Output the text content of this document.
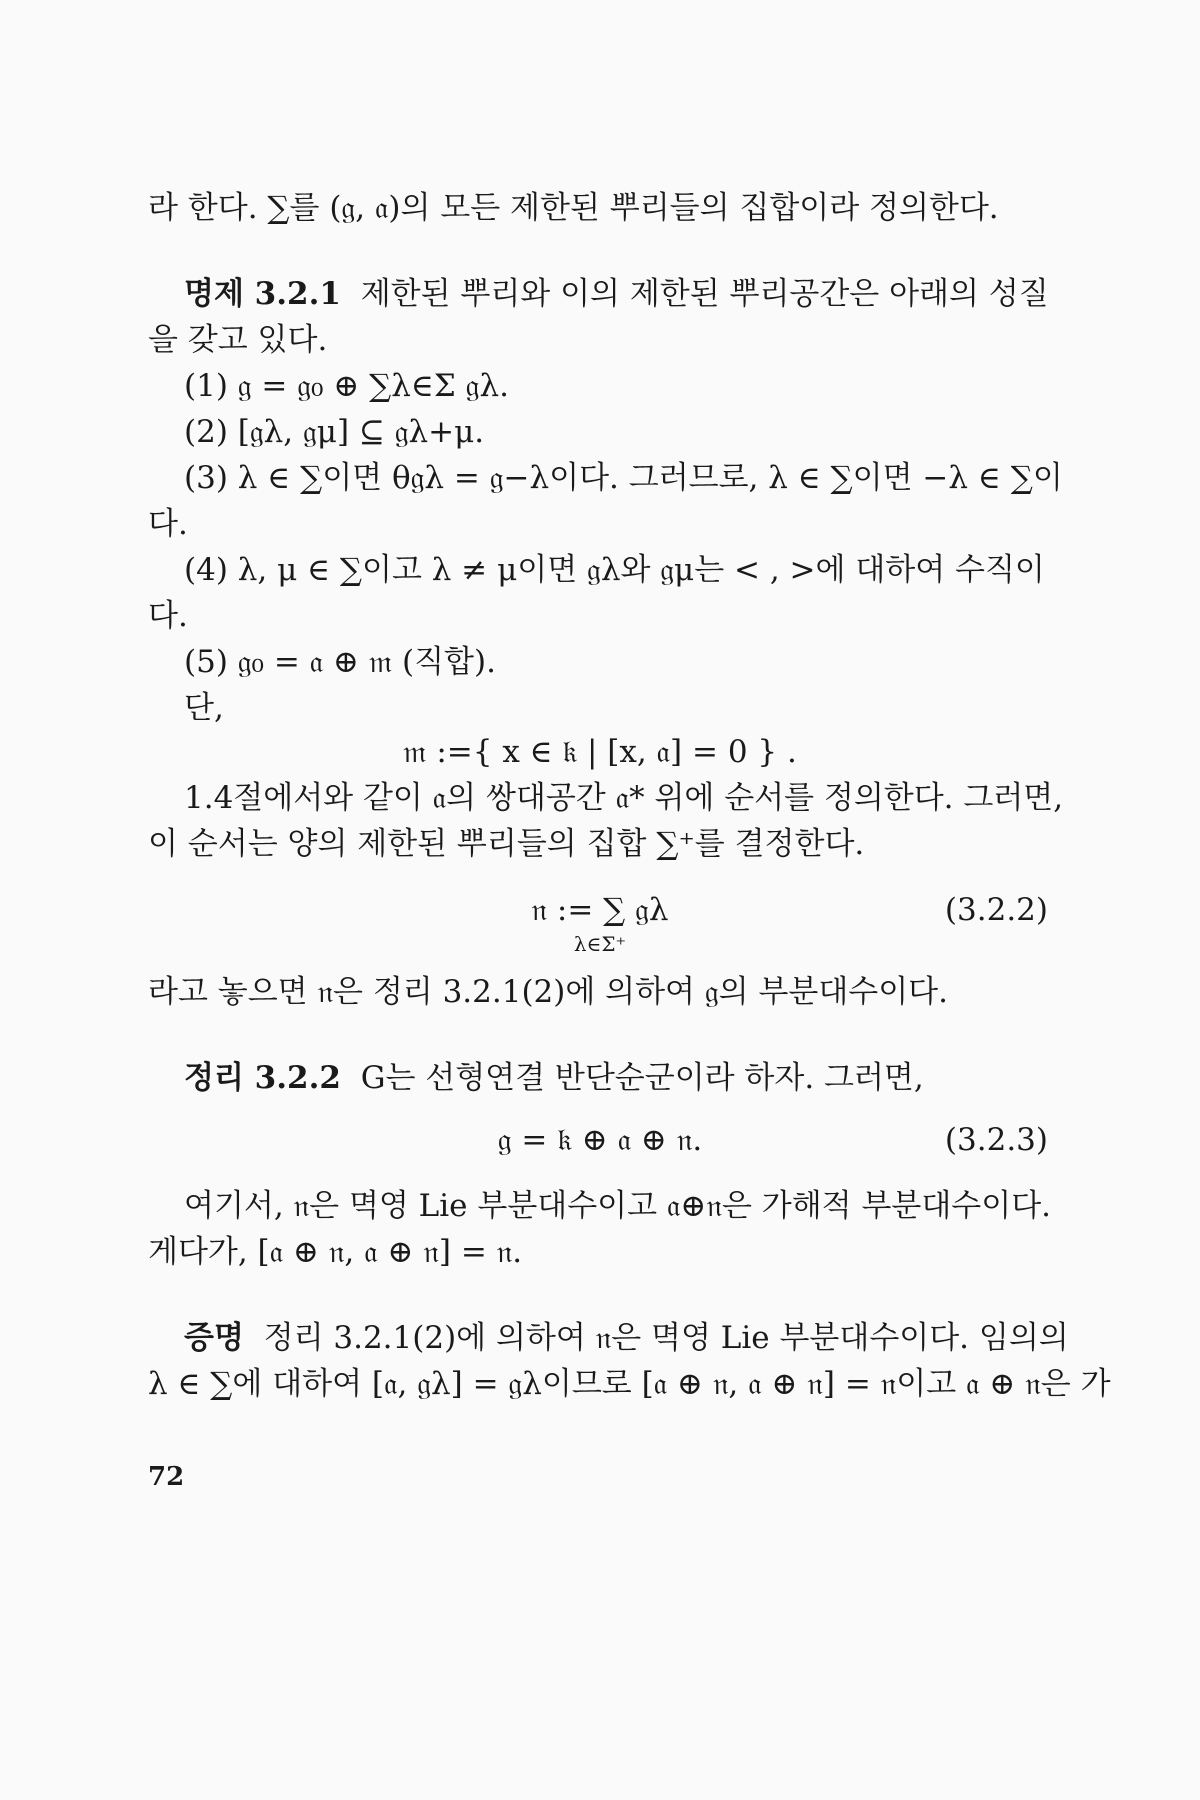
라 한다. ∑를 (𝔤, 𝔞)의 모든 제한된 뿌리들의 집합이라 정의한다.
명제 3.2.1 제한된 뿌리와 이의 제한된 뿌리공간은 아래의 성질
을 갖고 있다.
(1) 𝔤 = 𝔤₀ ⊕ ∑λ∈Σ 𝔤λ.
(2) [𝔤λ, 𝔤μ] ⊆ 𝔤λ+μ.
(3) λ ∈ ∑이면 θ𝔤λ = 𝔤−λ이다. 그러므로, λ ∈ ∑이면 −λ ∈ ∑이
다.
(4) λ, μ ∈ ∑이고 λ ≠ μ이면 𝔤λ와 𝔤μ는 < , >에 대하여 수직이
다.
(5) 𝔤₀ = 𝔞 ⊕ 𝔪 (직합).
단,
𝔪 :={ x ∈ 𝔨 | [x, 𝔞] = 0 } .
1.4절에서와 같이 𝔞의 쌍대공간 𝔞* 위에 순서를 정의한다. 그러면,
이 순서는 양의 제한된 뿌리들의 집합 ∑⁺를 결정한다.
𝔫 := ∑ 𝔤λ	(3.2.2)
λ∈Σ⁺
라고 놓으면 𝔫은 정리 3.2.1(2)에 의하여 𝔤의 부분대수이다.
정리 3.2.2 G는 선형연결 반단순군이라 하자. 그러면,
𝔤 = 𝔨 ⊕ 𝔞 ⊕ 𝔫.	(3.2.3)
여기서, 𝔫은 멱영 Lie 부분대수이고 𝔞⊕𝔫은 가해적 부분대수이다.
게다가, [𝔞 ⊕ 𝔫, 𝔞 ⊕ 𝔫] = 𝔫.
증명 정리 3.2.1(2)에 의하여 𝔫은 멱영 Lie 부분대수이다. 임의의
λ ∈ ∑에 대하여 [𝔞, 𝔤λ] = 𝔤λ이므로 [𝔞 ⊕ 𝔫, 𝔞 ⊕ 𝔫] = 𝔫이고 𝔞 ⊕ 𝔫은 가
72
